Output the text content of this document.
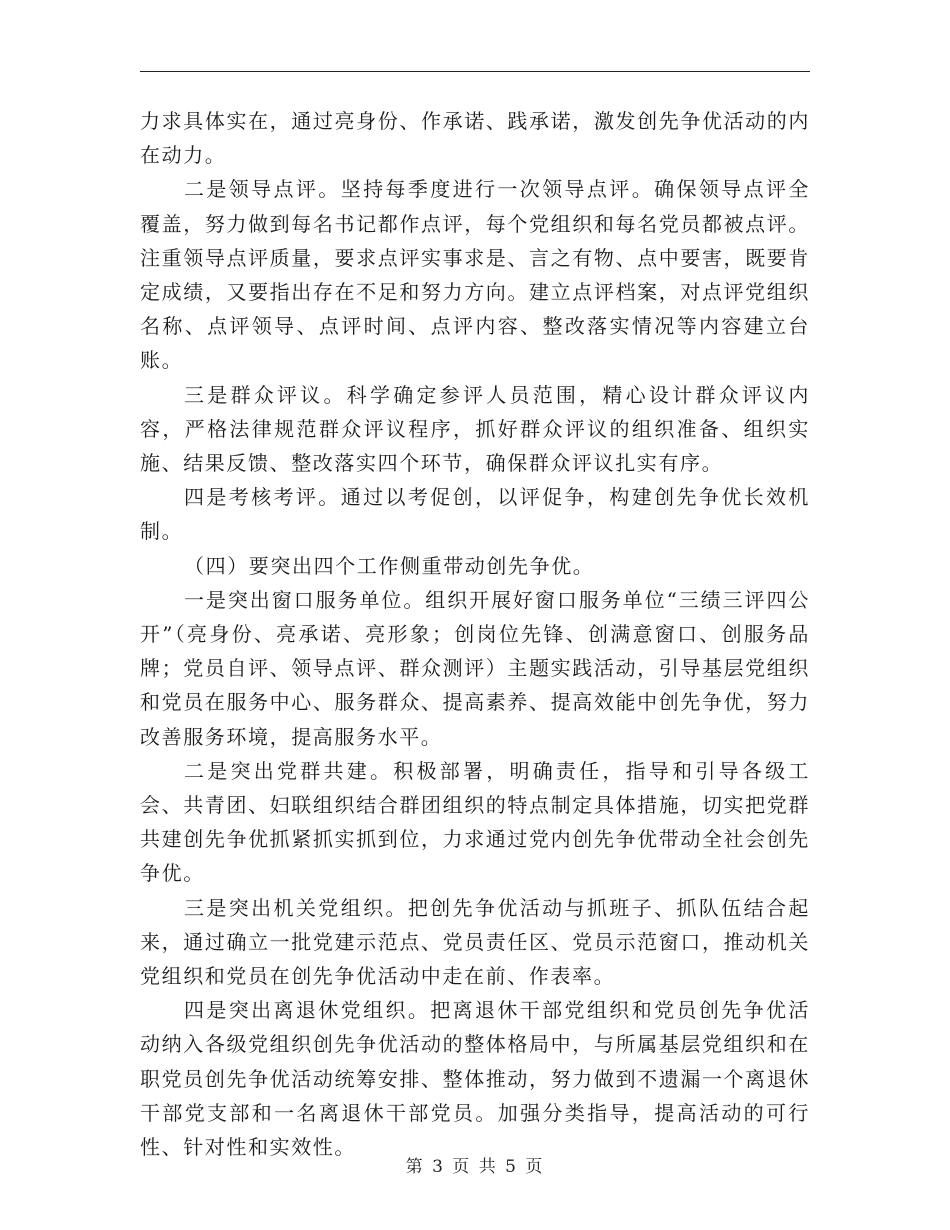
力求具体实在，通过亮身份、作承诺、践承诺，激发创先争优活动的内在动力。

二是领导点评。坚持每季度进行一次领导点评。确保领导点评全覆盖，努力做到每名书记都作点评，每个党组织和每名党员都被点评。注重领导点评质量，要求点评实事求是、言之有物、点中要害，既要肯定成绩，又要指出存在不足和努力方向。建立点评档案，对点评党组织名称、点评领导、点评时间、点评内容、整改落实情况等内容建立台账。

三是群众评议。科学确定参评人员范围，精心设计群众评议内容，严格法律规范群众评议程序，抓好群众评议的组织准备、组织实施、结果反馈、整改落实四个环节，确保群众评议扎实有序。

四是考核考评。通过以考促创，以评促争，构建创先争优长效机制。

（四）要突出四个工作侧重带动创先争优。

一是突出窗口服务单位。组织开展好窗口服务单位“三绩三评四公开”（亮身份、亮承诺、亮形象；创岗位先锋、创满意窗口、创服务品牌；党员自评、领导点评、群众测评）主题实践活动，引导基层党组织和党员在服务中心、服务群众、提高素养、提高效能中创先争优，努力改善服务环境，提高服务水平。

二是突出党群共建。积极部署，明确责任，指导和引导各级工会、共青团、妇联组织结合群团组织的特点制定具体措施，切实把党群共建创先争优抓紧抓实抓到位，力求通过党内创先争优带动全社会创先争优。

三是突出机关党组织。把创先争优活动与抓班子、抓队伍结合起来，通过确立一批党建示范点、党员责任区、党员示范窗口，推动机关党组织和党员在创先争优活动中走在前、作表率。

四是突出离退休党组织。把离退休干部党组织和党员创先争优活动纳入各级党组织创先争优活动的整体格局中，与所属基层党组织和在职党员创先争优活动统筹安排、整体推动，努力做到不遗漏一个离退休干部党支部和一名离退休干部党员。加强分类指导，提高活动的可行性、针对性和实效性。

第 3 页 共 5 页
